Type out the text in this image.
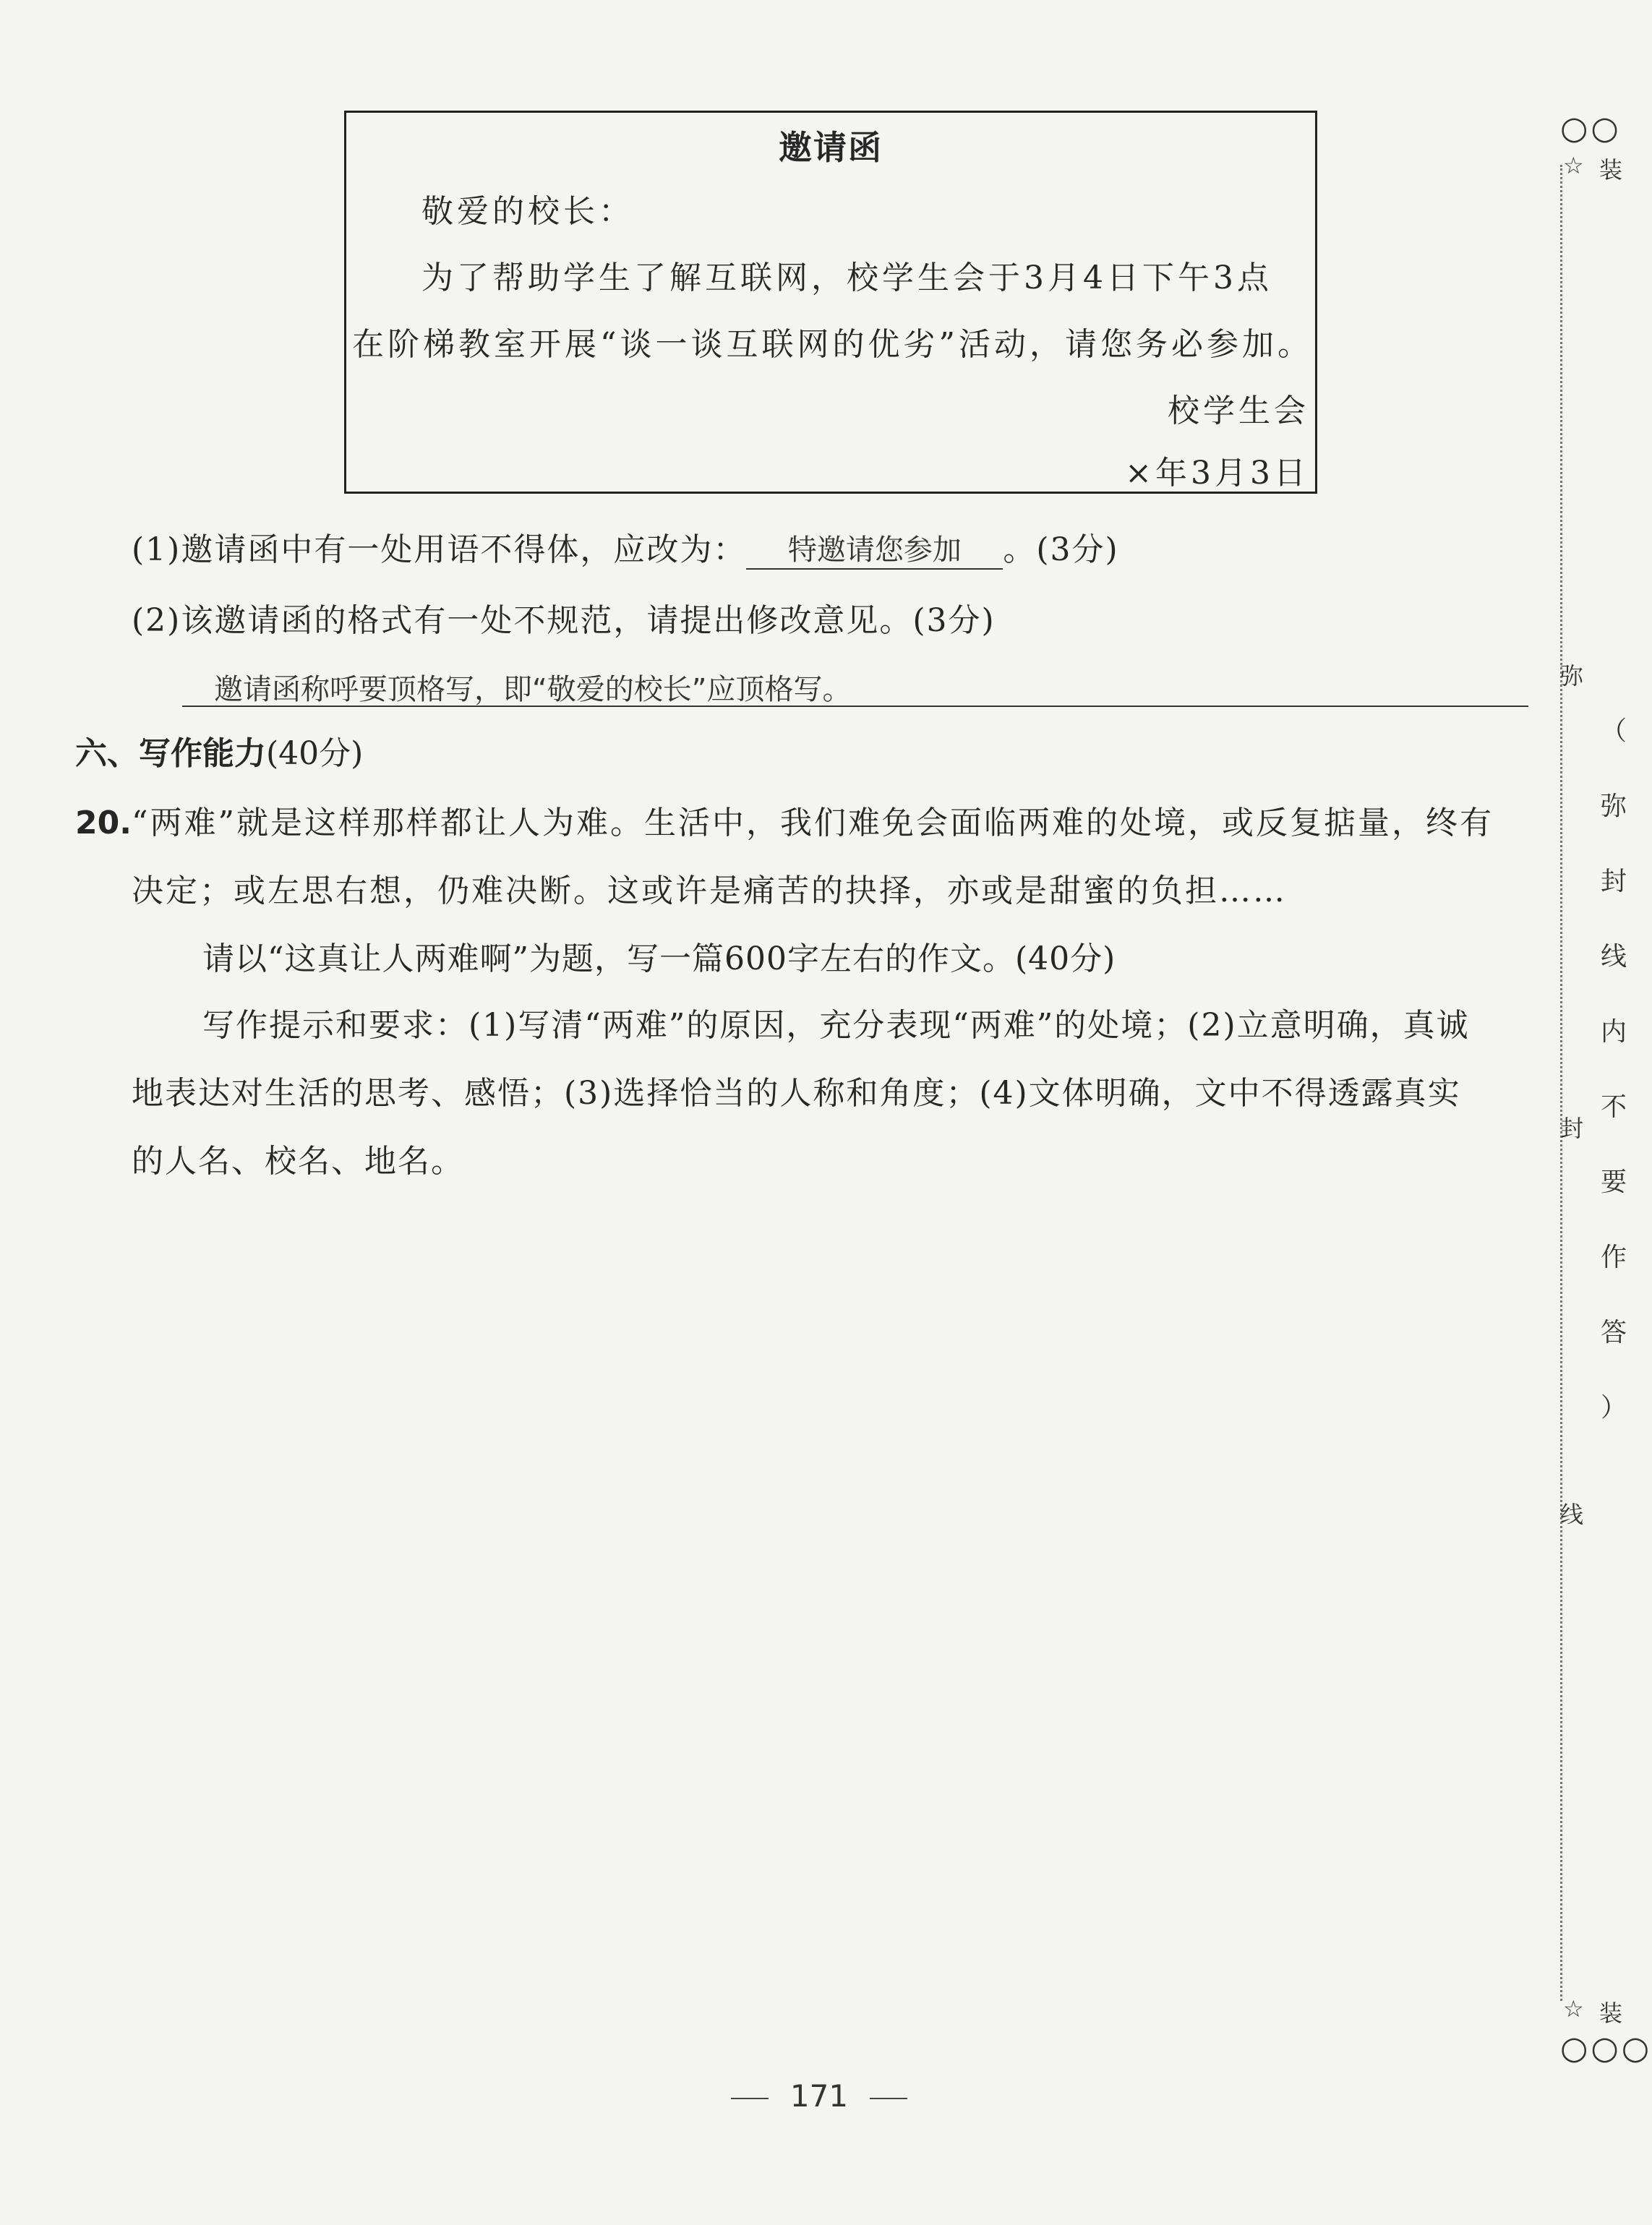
邀请函
敬爱的校长：
为了帮助学生了解互联网，校学生会于3月4日下午3点
在阶梯教室开展“谈一谈互联网的优劣”活动，请您务必参加。
校学生会
×年3月3日
(1)邀请函中有一处用语不得体，应改为： 特邀请您参加 。(3分)
(2)该邀请函的格式有一处不规范，请提出修改意见。(3分)
邀请函称呼要顶格写，即“敬爱的校长”应顶格写。
六、写作能力(40分)
20.“两难”就是这样那样都让人为难。生活中，我们难免会面临两难的处境，或反复掂量，终有
决定；或左思右想，仍难决断。这或许是痛苦的抉择，亦或是甜蜜的负担……
请以“这真让人两难啊”为题，写一篇600字左右的作文。(40分)
写作提示和要求：(1)写清“两难”的原因，充分表现“两难”的处境；(2)立意明确，真诚
地表达对生活的思考、感悟；(3)选择恰当的人称和角度；(4)文体明确，文中不得透露真实
的人名、校名、地名。
○○
☆ 装
弥
封
线
（
弥
封
线
内
不
要
作
答
）
☆ 装
○○○
171
